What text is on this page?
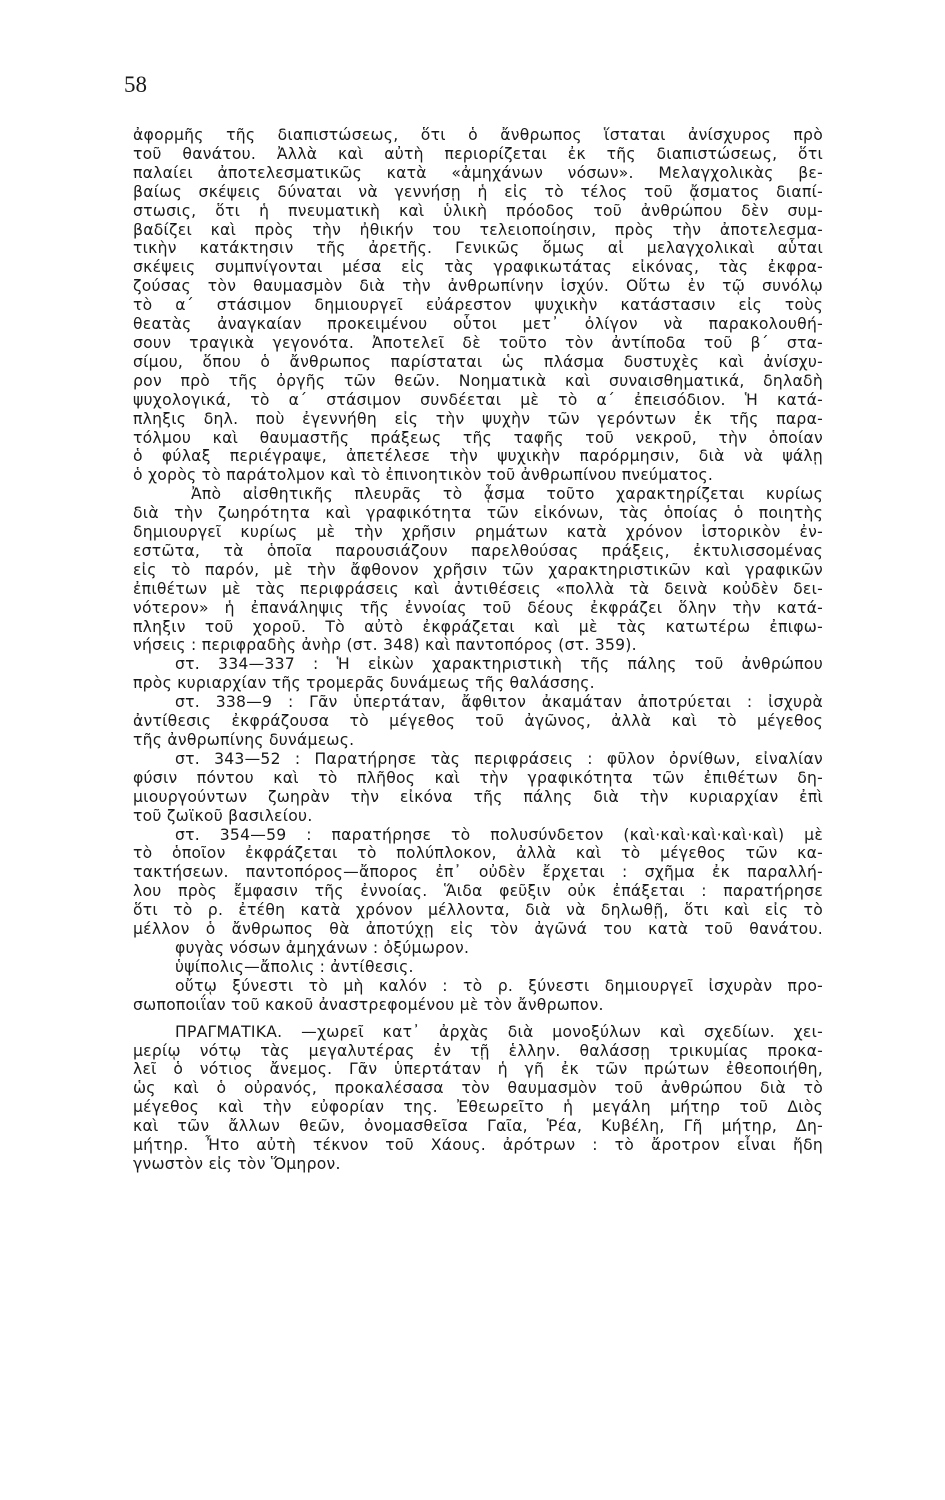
58
ἀφορμῆς τῆς διαπιστώσεως, ὅτι ὁ ἄνθρωπος ἵσταται ἀνίσχυρος πρὸ
τοῦ θανάτου. Ἀλλὰ καὶ αὐτὴ περιορίζεται ἐκ τῆς διαπιστώσεως, ὅτι
παλαίει ἀποτελεσματικῶς κατὰ «ἀμηχάνων νόσων». Μελαγχολικὰς βε-
βαίως σκέψεις δύναται νὰ γεννήσῃ ἡ εἰς τὸ τέλος τοῦ ᾄσματος διαπί-
στωσις, ὅτι ἡ πνευματικὴ καὶ ὑλικὴ πρόοδος τοῦ ἀνθρώπου δὲν συμ-
βαδίζει καὶ πρὸς τὴν ἠθικήν του τελειοποίησιν, πρὸς τὴν ἀποτελεσμα-
τικὴν κατάκτησιν τῆς ἀρετῆς. Γενικῶς ὅμως αἱ μελαγχολικαὶ αὗται
σκέψεις συμπνίγονται μέσα εἰς τὰς γραφικωτάτας εἰκόνας, τὰς ἐκφρα-
ζούσας τὸν θαυμασμὸν διὰ τὴν ἀνθρωπίνην ἰσχύν. Οὕτω ἐν τῷ συνόλῳ
τὸ α΄ στάσιμον δημιουργεῖ εὐάρεστον ψυχικὴν κατάστασιν εἰς τοὺς
θεατὰς ἀναγκαίαν προκειμένου οὗτοι μετ᾽ ὀλίγον νὰ παρακολουθή-
σουν τραγικὰ γεγονότα. Ἀποτελεῖ δὲ τοῦτο τὸν ἀντίποδα τοῦ β΄ στα-
σίμου, ὅπου ὁ ἄνθρωπος παρίσταται ὡς πλάσμα δυστυχὲς καὶ ἀνίσχυ-
ρον πρὸ τῆς ὀργῆς τῶν θεῶν. Νοηματικὰ καὶ συναισθηματικά, δηλαδὴ
ψυχολογικά, τὸ α΄ στάσιμον συνδέεται μὲ τὸ α΄ ἐπεισόδιον. Ἡ κατά-
πληξις δηλ. ποὺ ἐγεννήθη εἰς τὴν ψυχὴν τῶν γερόντων ἐκ τῆς παρα-
τόλμου καὶ θαυμαστῆς πράξεως τῆς ταφῆς τοῦ νεκροῦ, τὴν ὁποίαν
ὁ φύλαξ περιέγραψε, ἀπετέλεσε τὴν ψυχικὴν παρόρμησιν, διὰ νὰ ψάλῃ
ὁ χορὸς τὸ παράτολμον καὶ τὸ ἐπινοητικὸν τοῦ ἀνθρωπίνου πνεύματος.
Ἀπὸ αἰσθητικῆς πλευρᾶς τὸ ᾆσμα τοῦτο χαρακτηρίζεται κυρίως
διὰ τὴν ζωηρότητα καὶ γραφικότητα τῶν εἰκόνων, τὰς ὁποίας ὁ ποιητὴς
δημιουργεῖ κυρίως μὲ τὴν χρῆσιν ρημάτων κατὰ χρόνον ἱστορικὸν ἐν-
εστῶτα, τὰ ὁποῖα παρουσιάζουν παρελθούσας πράξεις, ἐκτυλισσομένας
εἰς τὸ παρόν, μὲ τὴν ἄφθονον χρῆσιν τῶν χαρακτηριστικῶν καὶ γραφικῶν
ἐπιθέτων μὲ τὰς περιφράσεις καὶ ἀντιθέσεις «πολλὰ τὰ δεινὰ κοὐδὲν δει-
νότερον» ἡ ἐπανάληψις τῆς ἐννοίας τοῦ δέους ἐκφράζει ὅλην τὴν κατά-
πληξιν τοῦ χοροῦ. Τὸ αὐτὸ ἐκφράζεται καὶ μὲ τὰς κατωτέρω ἐπιφω-
νήσεις : περιφραδὴς ἀνὴρ (στ. 348) καὶ παντοπόρος (στ. 359).
στ. 334—337 : Ἡ εἰκὼν χαρακτηριστικὴ τῆς πάλης τοῦ ἀνθρώπου
πρὸς κυριαρχίαν τῆς τρομερᾶς δυνάμεως τῆς θαλάσσης.
στ. 338—9 : Γᾶν ὑπερτάταν, ἄφθιτον ἀκαμάταν ἀποτρύεται : ἰσχυρὰ
ἀντίθεσις ἐκφράζουσα τὸ μέγεθος τοῦ ἀγῶνος, ἀλλὰ καὶ τὸ μέγεθος
τῆς ἀνθρωπίνης δυνάμεως.
στ. 343—52 : Παρατήρησε τὰς περιφράσεις : φῦλον ὀρνίθων, εἰναλίαν
φύσιν πόντου καὶ τὸ πλῆθος καὶ τὴν γραφικότητα τῶν ἐπιθέτων δη-
μιουργούντων ζωηρὰν τὴν εἰκόνα τῆς πάλης διὰ τὴν κυριαρχίαν ἐπὶ
τοῦ ζωϊκοῦ βασιλείου.
στ. 354—59 : παρατήρησε τὸ πολυσύνδετον (καὶ·καὶ·καὶ·καὶ·καὶ) μὲ
τὸ ὁποῖον ἐκφράζεται τὸ πολύπλοκον, ἀλλὰ καὶ τὸ μέγεθος τῶν κα-
τακτήσεων. παντοπόρος—ἄπορος ἐπ᾽ οὐδὲν ἔρχεται : σχῆμα ἐκ παραλλή-
λου πρὸς ἔμφασιν τῆς ἐννοίας. Ἅιδα φεῦξιν οὐκ ἐπάξεται : παρατήρησε
ὅτι τὸ ρ. ἐτέθη κατὰ χρόνον μέλλοντα, διὰ νὰ δηλωθῇ, ὅτι καὶ εἰς τὸ
μέλλον ὁ ἄνθρωπος θὰ ἀποτύχῃ εἰς τὸν ἀγῶνά του κατὰ τοῦ θανάτου.
φυγὰς νόσων ἀμηχάνων : ὀξύμωρον.
ὑψίπολις—ἄπολις : ἀντίθεσις.
οὔτῳ ξύνεστι τὸ μὴ καλόν : τὸ ρ. ξύνεστι δημιουργεῖ ἰσχυρὰν προ-
σωποποιΐαν τοῦ κακοῦ ἀναστρεφομένου μὲ τὸν ἄνθρωπον.
ΠΡΑΓΜΑΤΙΚΑ. —χωρεῖ κατ᾽ ἀρχὰς διὰ μονοξύλων καὶ σχεδίων. χει-
μερίῳ νότῳ τὰς μεγαλυτέρας ἐν τῇ ἑλλην. θαλάσσῃ τρικυμίας προκα-
λεῖ ὁ νότιος ἄνεμος. Γᾶν ὑπερτάταν ἡ γῆ ἐκ τῶν πρώτων ἐθεοποιήθη,
ὡς καὶ ὁ οὐρανός, προκαλέσασα τὸν θαυμασμὸν τοῦ ἀνθρώπου διὰ τὸ
μέγεθος καὶ τὴν εὐφορίαν της. Ἐθεωρεῖτο ἡ μεγάλη μήτηρ τοῦ Διὸς
καὶ τῶν ἄλλων θεῶν, ὀνομασθεῖσα Γαῖα, Ῥέα, Κυβέλη, Γῆ μήτηρ, Δη-
μήτηρ. Ἦτο αὐτὴ τέκνον τοῦ Χάους. ἀρότρων : τὸ ἄροτρον εἶναι ἤδη
γνωστὸν εἰς τὸν Ὅμηρον.
